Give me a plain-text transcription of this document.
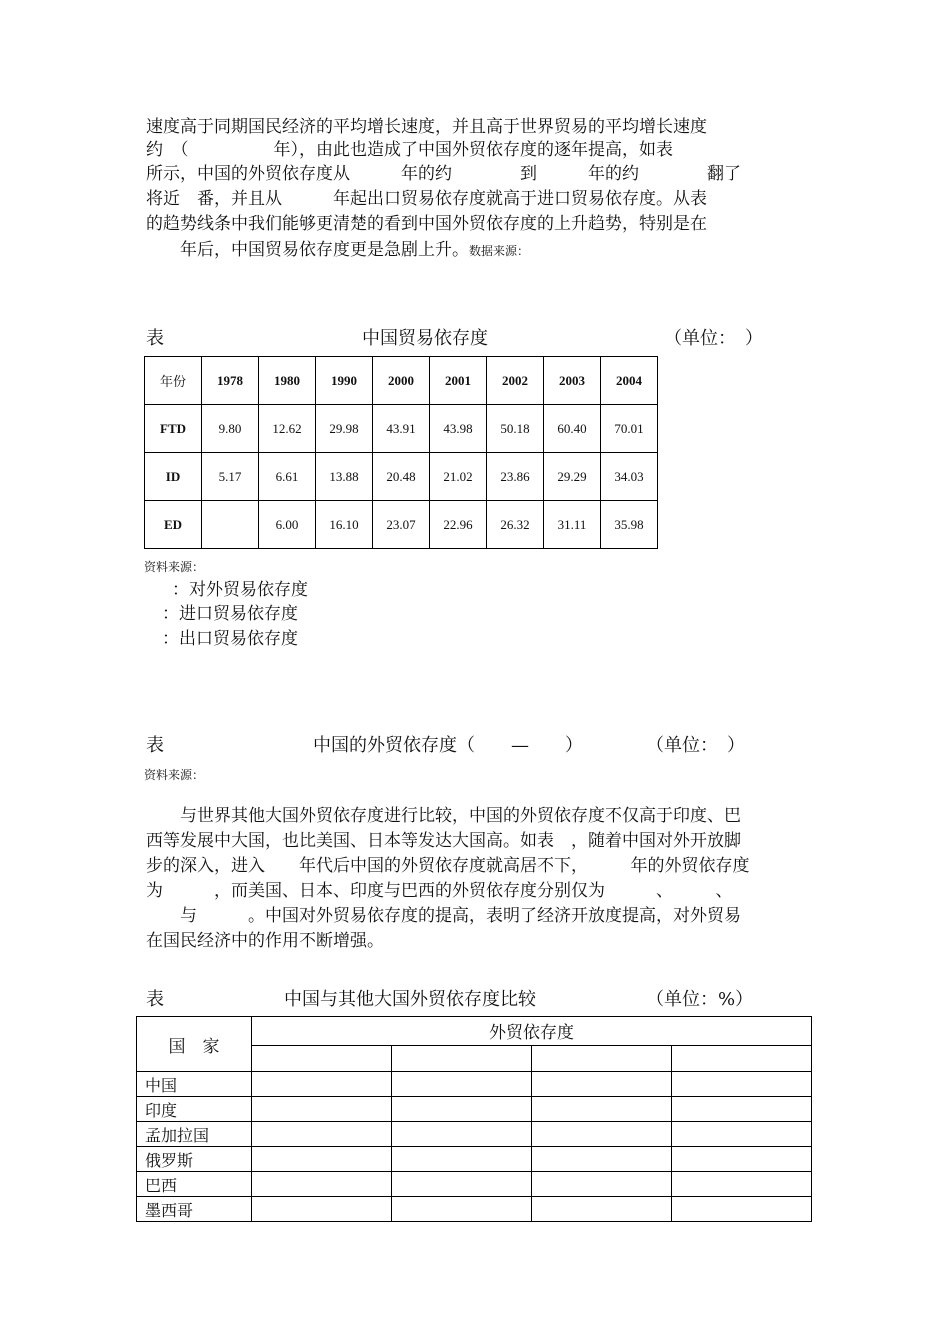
速度高于同期国民经济的平均增长速度，并且高于世界贸易的平均增长速度
约　（　　　　　年），由此也造成了中国外贸依存度的逐年提高，如表
所示，中国的外贸依存度从　　　年的约　　　　到　　　年的约　　　　翻了
将近　番，并且从　　　年起出口贸易依存度就高于进口贸易依存度。从表
的趋势线条中我们能够更清楚的看到中国外贸依存度的上升趋势，特别是在
　　年后，中国贸易依存度更是急剧上升。数据来源：
表	中国贸易依存度	（单位：　）
年份	1978	1980	1990	2000	2001	2002	2003	2004
FTD	9.80	12.62	29.98	43.91	43.98	50.18	60.40	70.01
ID	5.17	6.61	13.88	20.48	21.02	23.86	29.29	34.03
ED		6.00	16.10	23.07	22.96	26.32	31.11	35.98
资料来源：
：对外贸易依存度
：进口贸易依存度
：出口贸易依存度
表	中国的外贸依存度（　　—　　）	（单位：　）
资料来源：
　　与世界其他大国外贸依存度进行比较，中国的外贸依存度不仅高于印度、巴
西等发展中大国，也比美国、日本等发达大国高。如表　，随着中国对外开放脚
步的深入，进入　　年代后中国的外贸依存度就高居不下，　　　年的外贸依存度
为　　　，而美国、日本、印度与巴西的外贸依存度分别仅为　　　、　　　、
　　与　　　。中国对外贸易依存度的提高，表明了经济开放度提高，对外贸易
在国民经济中的作用不断增强。
表	中国与其他大国外贸依存度比较	（单位：%）
国　家	外贸依存度			

中国				
印度				
孟加拉国				
俄罗斯				
巴西				
墨西哥				
